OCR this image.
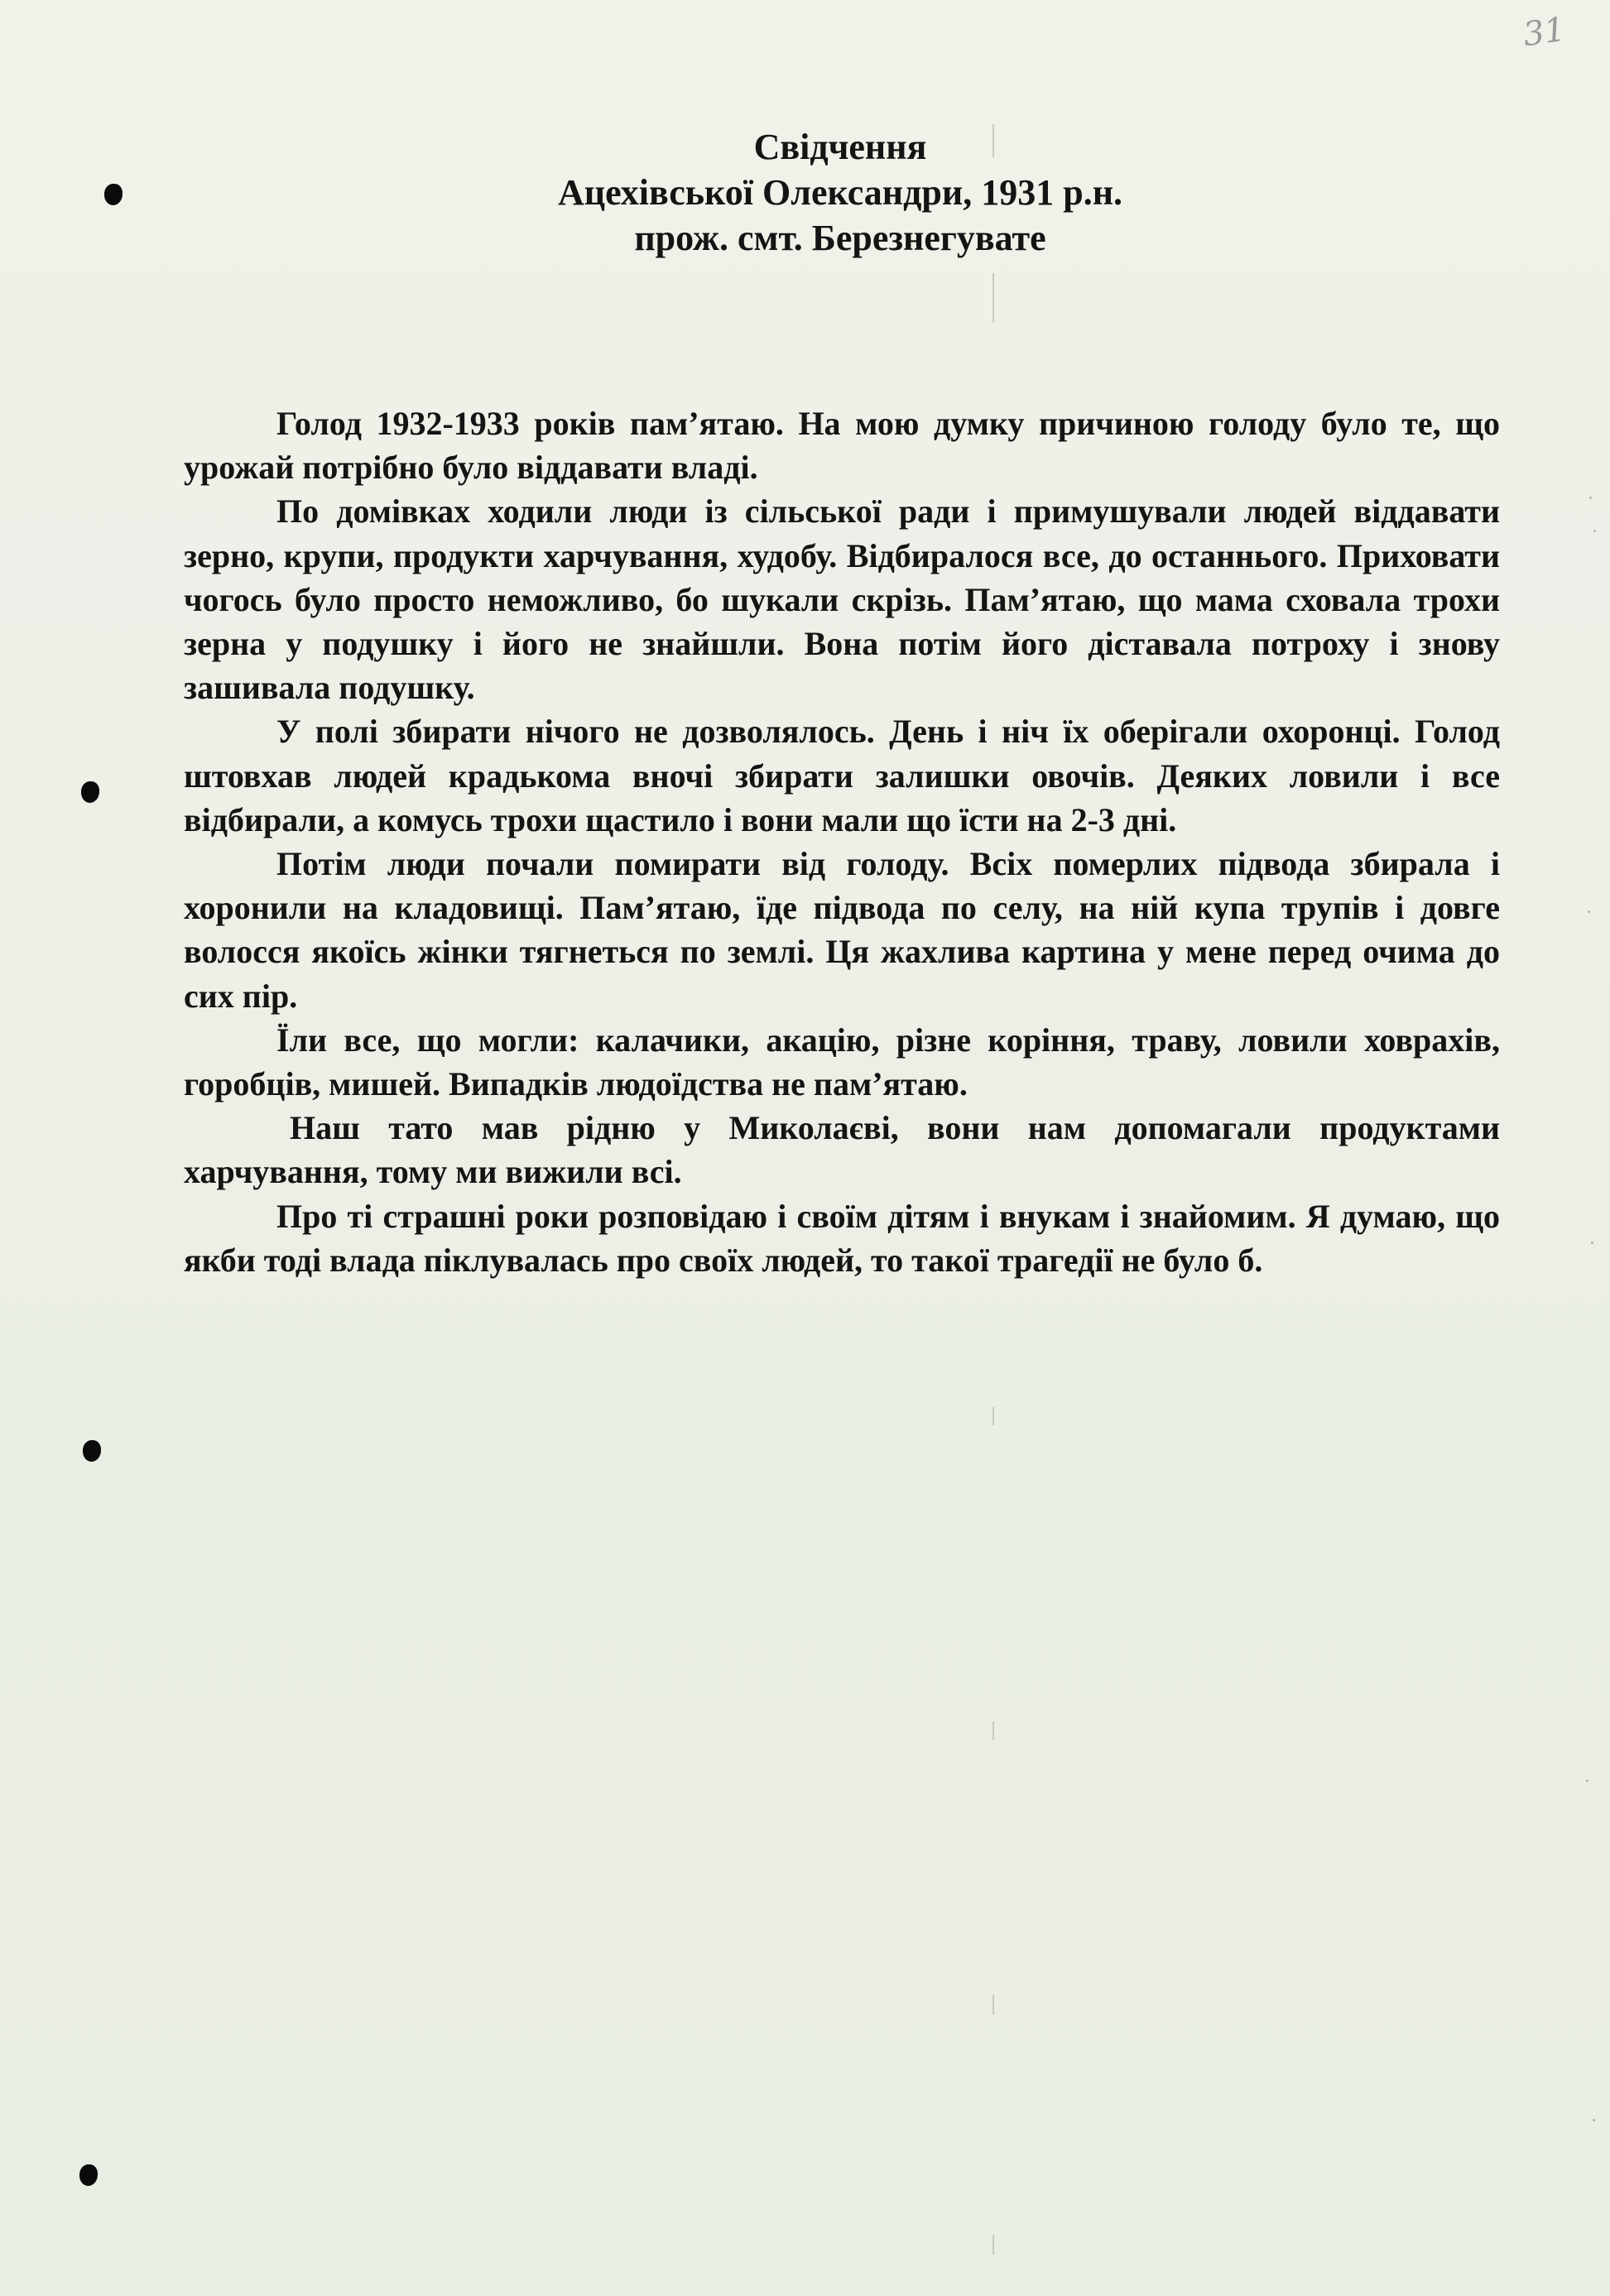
31
Свідчення
Ацехівської Олександри, 1931 р.н.
прож. смт. Березнегувате

Голод 1932-1933 років пам’ятаю. На мою думку причиною голоду було те, що урожай потрібно було віддавати владі.

По домівках ходили люди із сільської ради і примушували людей віддавати зерно, крупи, продукти харчування, худобу. Відбиралося все, до останнього. Приховати чогось було просто неможливо, бо шукали скрізь. Пам’ятаю, що мама сховала трохи зерна у подушку і його не знайшли. Вона потім його діставала потроху і знову зашивала подушку.

У полі збирати нічого не дозволялось. День і ніч їх оберігали охоронці. Голод штовхав людей крадькома вночі збирати залишки овочів. Деяких ловили і все відбирали, а комусь трохи щастило і вони мали що їсти на 2-3 дні.

Потім люди почали помирати від голоду. Всіх померлих підвода збирала і хоронили на кладовищі. Пам’ятаю, їде підвода по селу, на ній купа трупів і довге волосся якоїсь жінки тягнеться по землі. Ця жахлива картина у мене перед очима до сих пір.

Їли все, що могли: калачики, акацію, різне коріння, траву, ловили ховрахів, горобців, мишей. Випадків людоїдства не пам’ятаю.

Наш тато мав рідню у Миколаєві, вони нам допомагали продуктами харчування, тому ми вижили всі.

Про ті страшні роки розповідаю і своїм дітям і внукам і знайомим. Я думаю, що якби тоді влада піклувалась про своїх людей, то такої трагедії не було б.
